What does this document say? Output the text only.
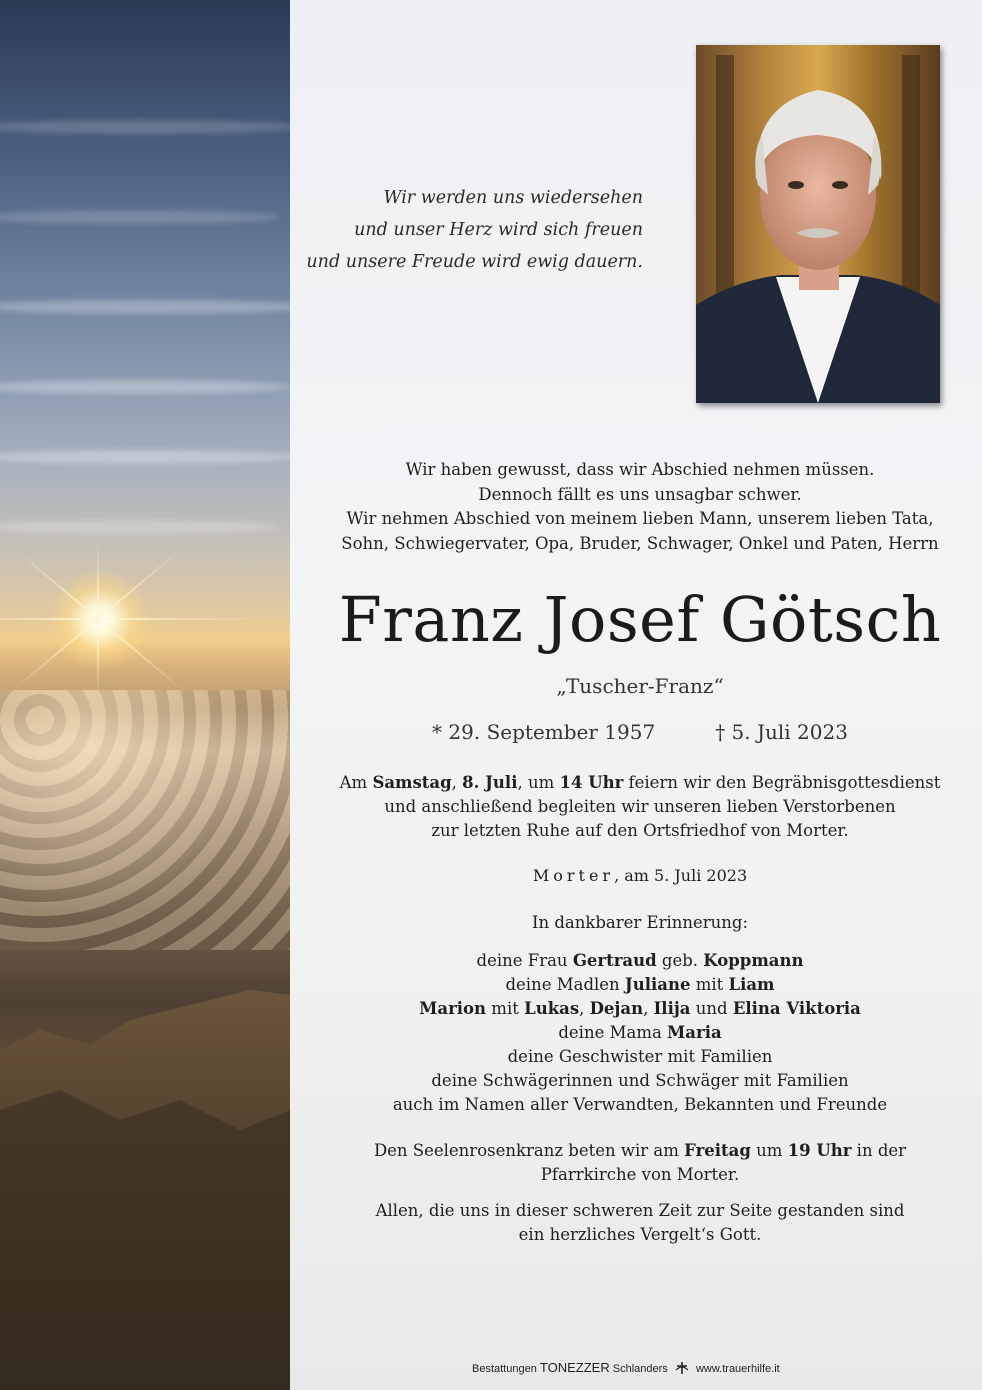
Wir werden uns wiedersehen
und unser Herz wird sich freuen
und unsere Freude wird ewig dauern.
Wir haben gewusst, dass wir Abschied nehmen müssen.
Dennoch fällt es uns unsagbar schwer.
Wir nehmen Abschied von meinem lieben Mann, unserem lieben Tata,
Sohn, Schwiegervater, Opa, Bruder, Schwager, Onkel und Paten, Herrn
Franz Josef Götsch
„Tuscher-Franz“
* 29. September 1957	† 5. Juli 2023
Am Samstag, 8. Juli, um 14 Uhr feiern wir den Begräbnisgottesdienst
und anschließend begleiten wir unseren lieben Verstorbenen
zur letzten Ruhe auf den Ortsfriedhof von Morter.
Morter, am 5. Juli 2023
In dankbarer Erinnerung:
deine Frau Gertraud geb. Koppmann
deine Madlen Juliane mit Liam
Marion mit Lukas, Dejan, Ilija und Elina Viktoria
deine Mama Maria
deine Geschwister mit Familien
deine Schwägerinnen und Schwäger mit Familien
auch im Namen aller Verwandten, Bekannten und Freunde
Den Seelenrosenkranz beten wir am Freitag um 19 Uhr in der
Pfarrkirche von Morter.
Allen, die uns in dieser schweren Zeit zur Seite gestanden sind
ein herzliches Vergelt‘s Gott.
Bestattungen TONEZZER Schlanders	www.trauerhilfe.it
